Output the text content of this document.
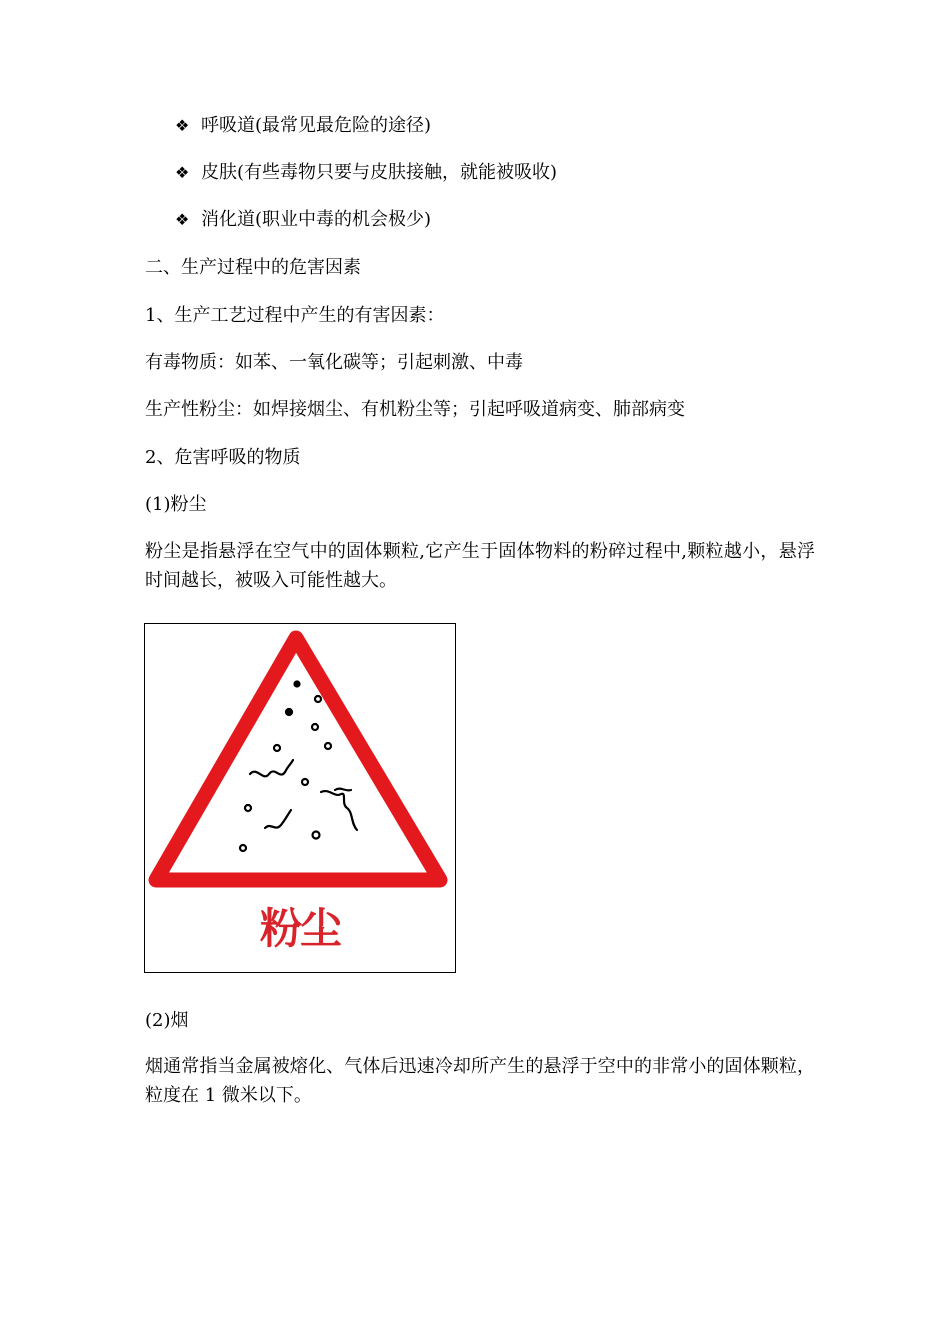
❖ 呼吸道(最常见最危险的途径)
❖ 皮肤(有些毒物只要与皮肤接触，就能被吸收)
❖ 消化道(职业中毒的机会极少)
二、生产过程中的危害因素
1、生产工艺过程中产生的有害因素：
有毒物质：如苯、一氧化碳等；引起刺激、中毒
生产性粉尘：如焊接烟尘、有机粉尘等；引起呼吸道病变、肺部病变
2、危害呼吸的物质
(1)粉尘
粉尘是指悬浮在空气中的固体颗粒,它产生于固体物料的粉碎过程中,颗粒越小，悬浮时间越长，被吸入可能性越大。
粉尘
(2)烟
烟通常指当金属被熔化、气体后迅速冷却所产生的悬浮于空中的非常小的固体颗粒，粒度在 1 微米以下。
